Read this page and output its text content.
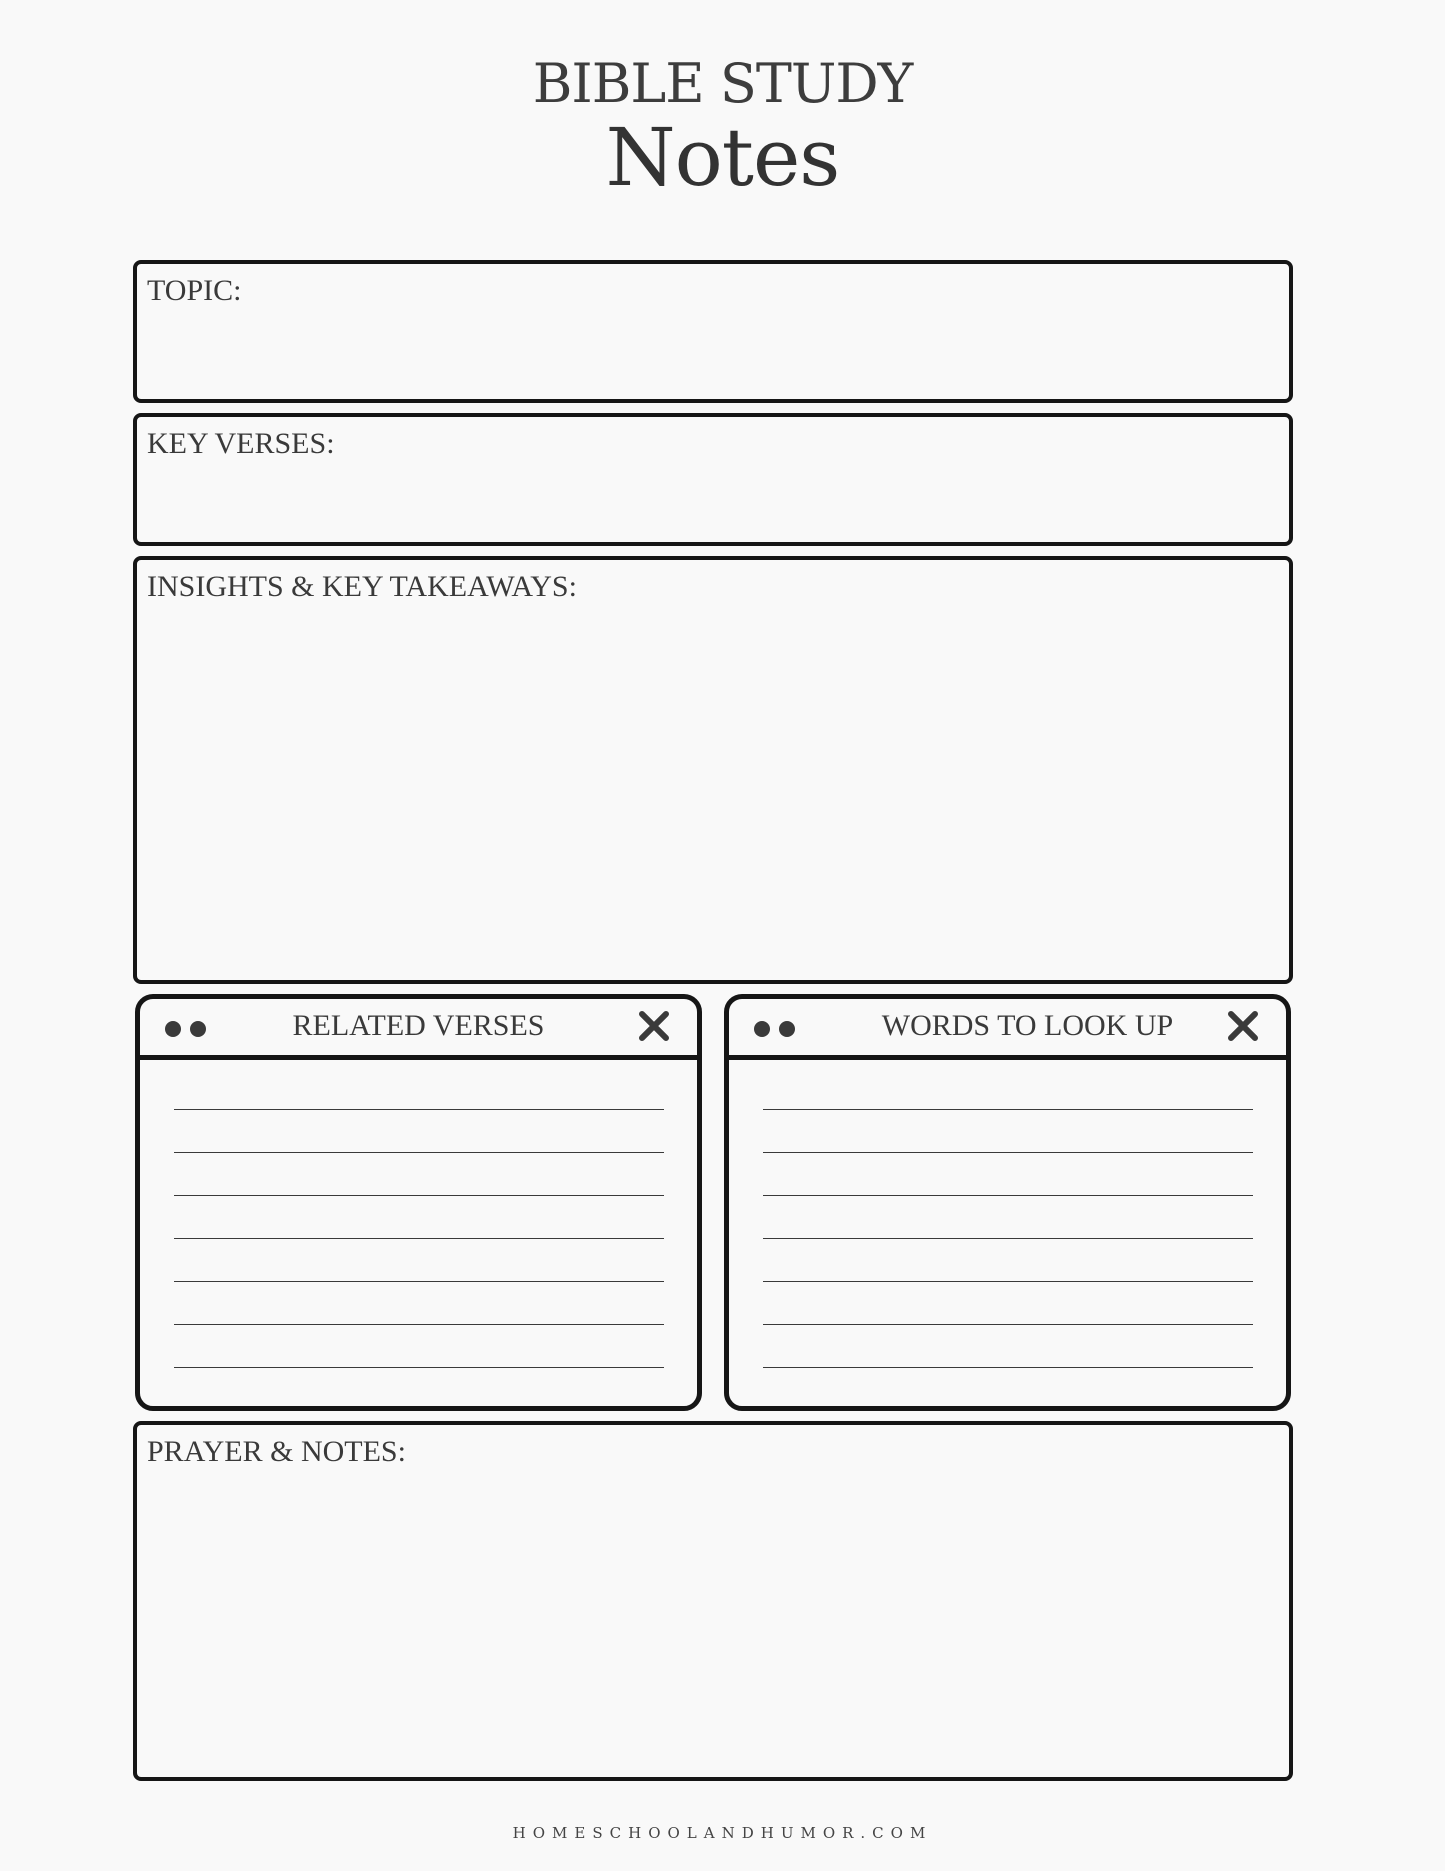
BIBLE STUDY
Notes
TOPIC:
KEY VERSES:
INSIGHTS & KEY TAKEAWAYS:
RELATED VERSES	WORDS TO LOOK UP
PRAYER & NOTES:
HOMESCHOOLANDHUMOR.COM
